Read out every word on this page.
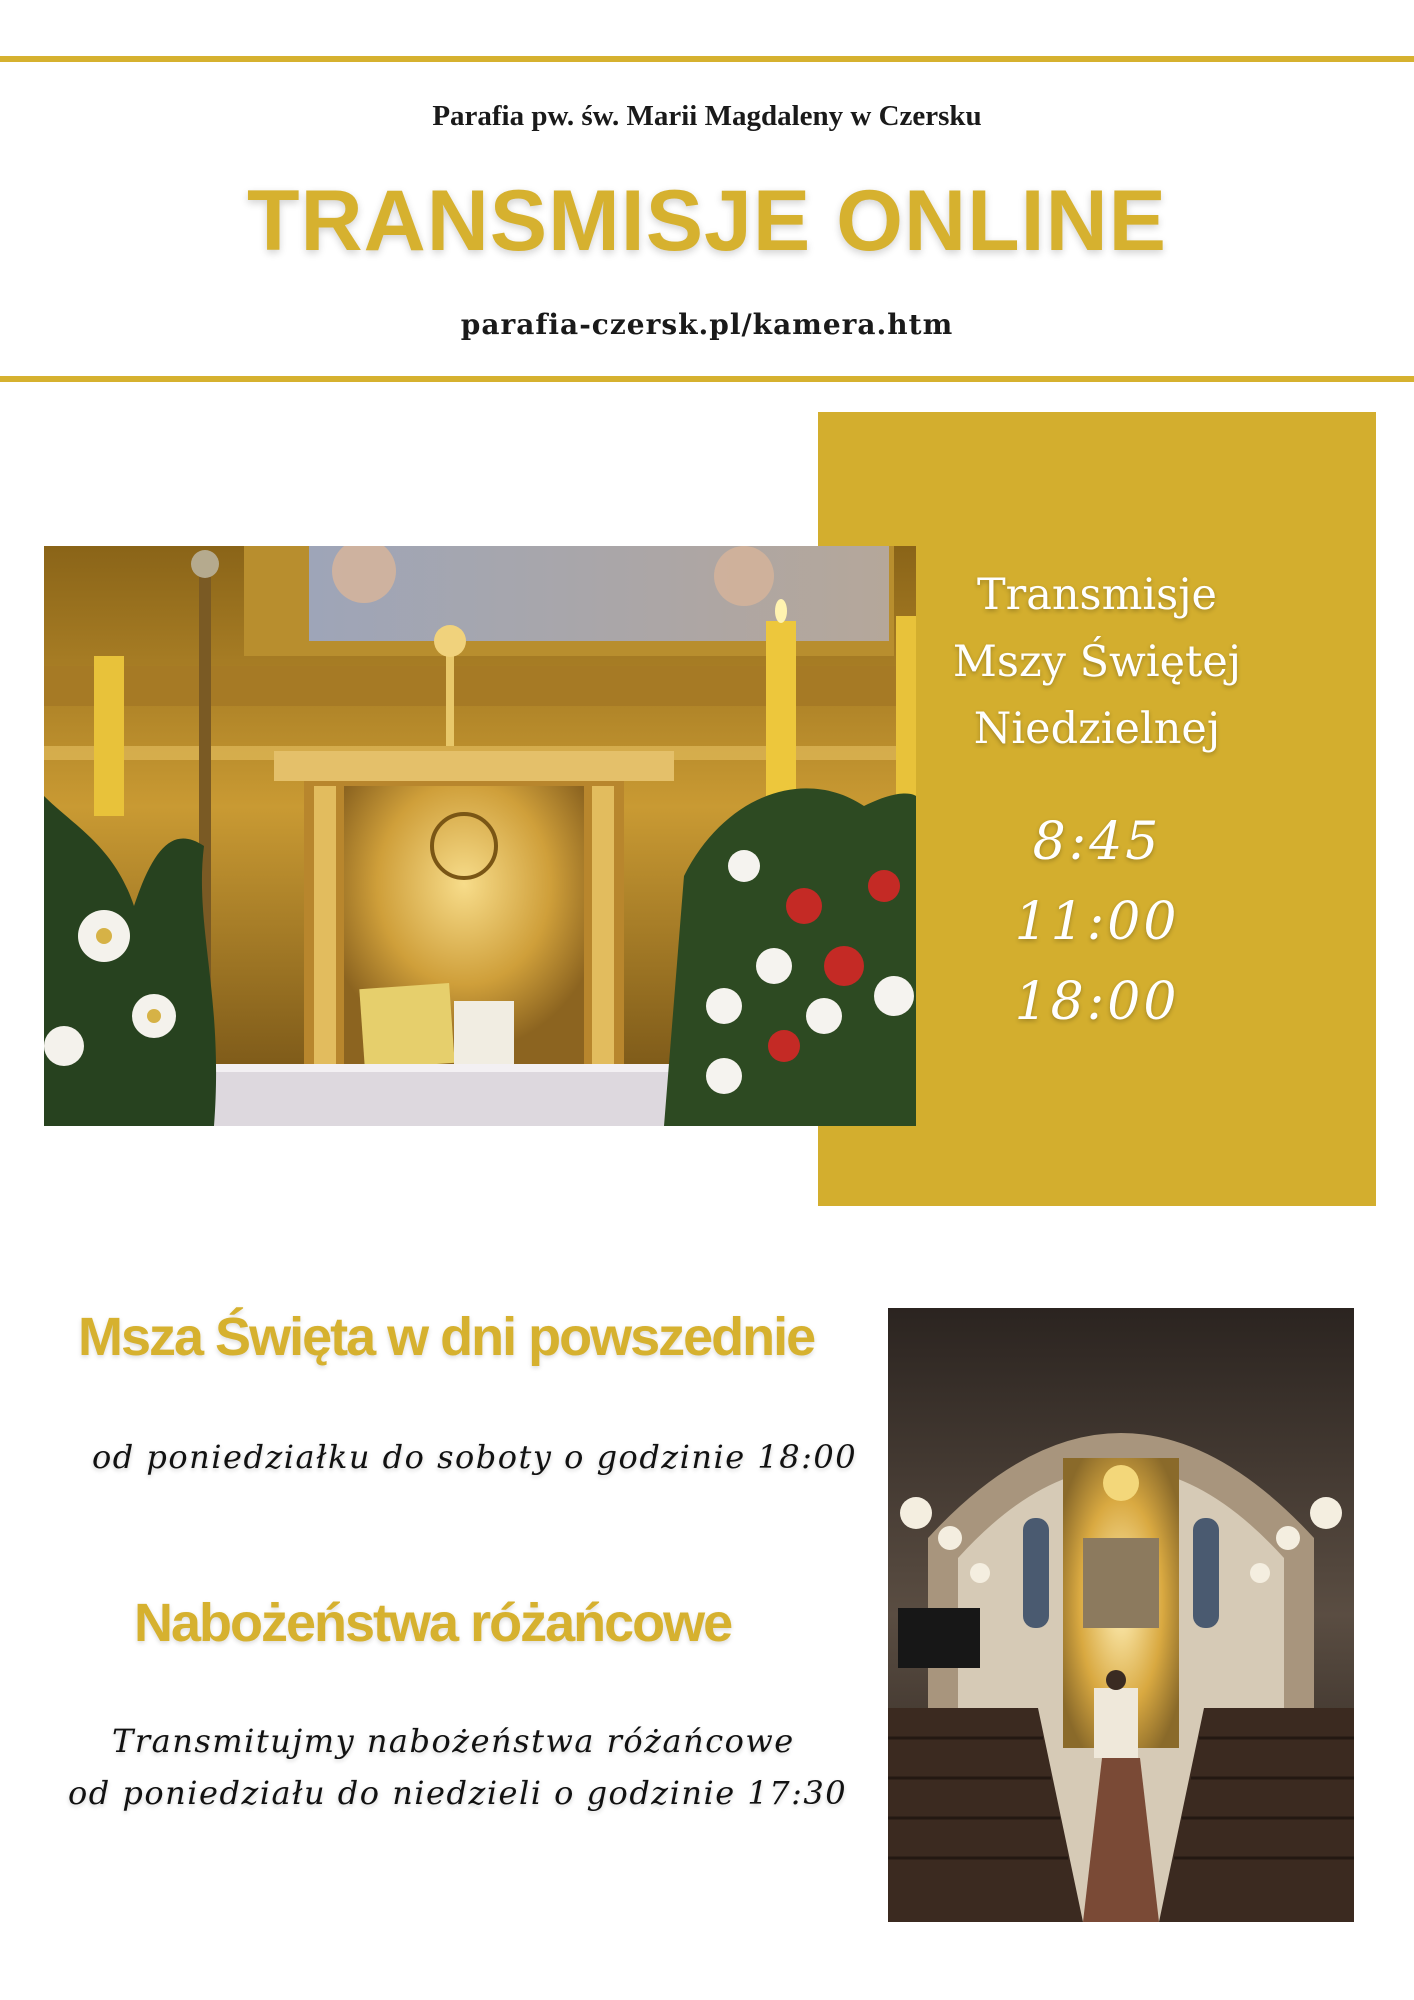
Parafia pw. św. Marii Magdaleny w Czersku
TRANSMISJE ONLINE
parafia-czersk.pl/kamera.htm
Transmisje
Mszy Świętej
Niedzielnej
8:45
11:00
18:00
Msza Święta w dni powszednie
od poniedziałku do soboty o godzinie 18:00
Nabożeństwa różańcowe
Transmitujmy nabożeństwa różańcowe
od poniedziału do niedzieli o godzinie 17:30
